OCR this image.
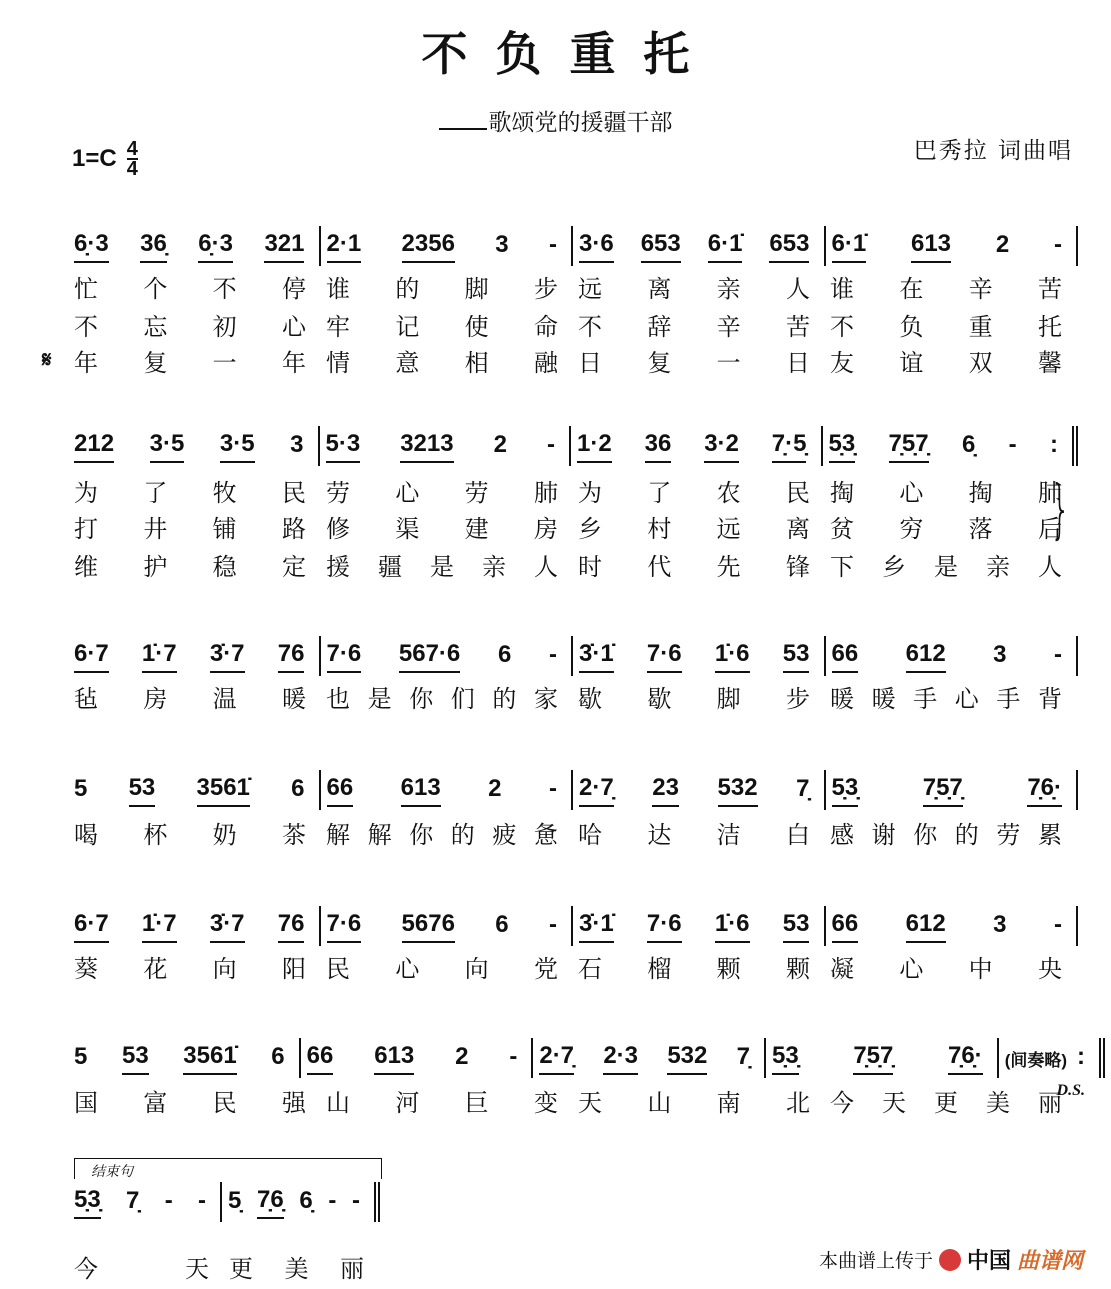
不负重托
歌颂党的援疆干部
巴秀拉 词曲唱
$1=C \frac{4}{4}$
6̣·3 36̣ 6̣·3 321 2·1 2356 3 - 3·6 653 6·1̇ 653 6·1̇ 613 2 -
忙个不停 谁的脚步 远离亲人 谁在辛苦
不忘初心 牢记使命 不辞辛苦 不负重托
𝄋 年复一年 情意相融 日复一日 友谊双馨
212 3·5 3·5 3 5·3 3213 2 - 1·2 36 3·2 7̣·5̣ 5̣3̣ 7̣5̣7̣ 6̣ - :
为了牧民 劳心劳肺 为了农民 掏心掏肺
打井铺路 修渠建房 乡村远离 贫穷落后
维护稳定 援疆是亲人 时代先锋 下乡是亲人
6·7 1̇·7 3̇·7 76 7·6 567·6 6 - 3̇·1̇ 7·6 1̇·6 53 66 612 3 -
毡房温暖 也是你们的家 歇歇脚步 暖暖手心手背
5 53 3561̇ 6 66 613 2 - 2·7̣ 23 532 7̣ 5̣3̣	7̣5̣7̣	7̣6̣·
喝杯奶茶 解解你的疲惫 哈达洁白 感谢你的劳累
6·7 1̇·7 3̇·7 76 7·6 5676 6 - 3̇·1̇ 7·6 1̇·6 53 66 612 3 -
葵花向阳 民心向党 石榴颗颗 凝心中央
5 53 3561̇ 6 66 613 2 - 2·7̣ 2·3 532 7̣ 5̣3̣ 7̣5̣7̣ 7̣6̣· (间奏略) :
国富民强 山河巨变 天山南北 今天更美丽
}
D.S.
结束句
5̣3̣ 7̣ - - 5̣ 7̣6̣ 6̣ - -
今天 更美丽	本曲谱上传于 中国 曲谱网
